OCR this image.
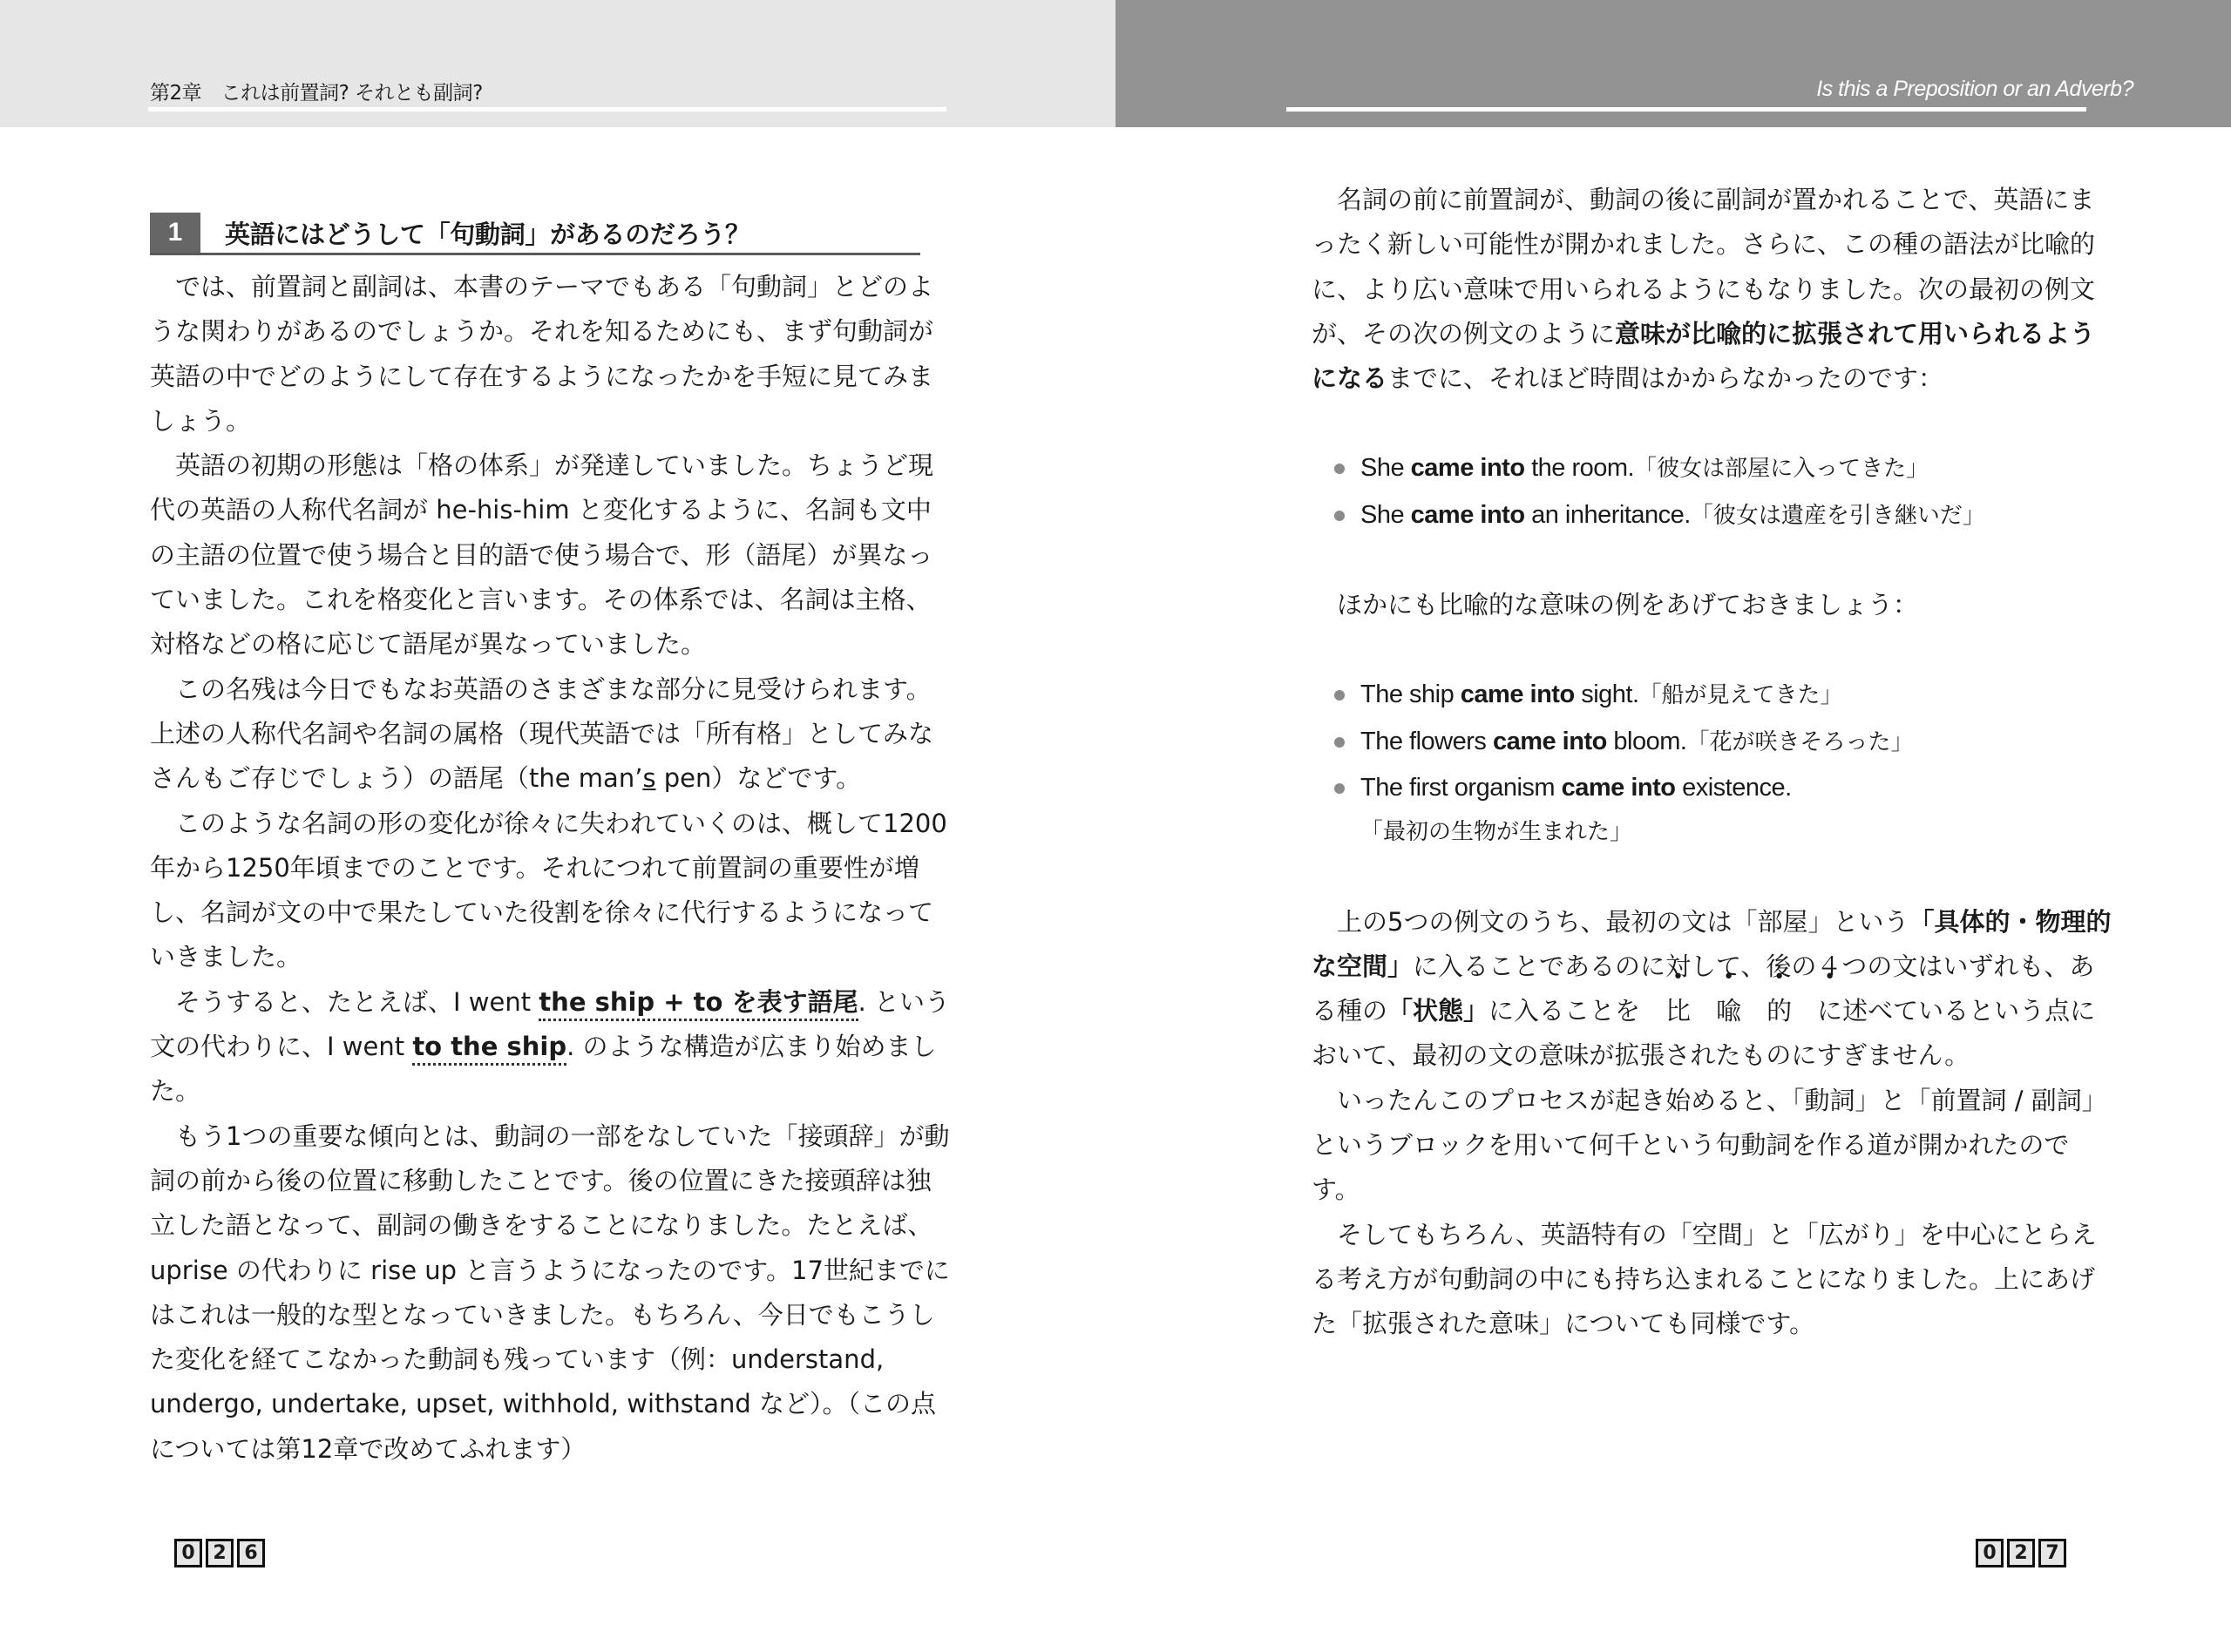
第2章　これは前置詞? それとも副詞?
1	英語にはどうして「句動詞」があるのだろう？

では、前置詞と副詞は、本書のテーマでもある「句動詞」とどのような関わりがあるのでしょうか。それを知るためにも、まず句動詞が英語の中でどのようにして存在するようになったかを手短に見てみましょう。

英語の初期の形態は「格の体系」が発達していました。ちょうど現代の英語の人称代名詞が he-his-him と変化するように、名詞も文中の主語の位置で使う場合と目的語で使う場合で、形（語尾）が異なっていました。これを格変化と言います。その体系では、名詞は主格、対格などの格に応じて語尾が異なっていました。

この名残は今日でもなお英語のさまざまな部分に見受けられます。上述の人称代名詞や名詞の属格（現代英語では「所有格」としてみなさんもご存じでしょう）の語尾（the man’s pen）などです。

このような名詞の形の変化が徐々に失われていくのは、概して1200年から1250年頃までのことです。それにつれて前置詞の重要性が増し、名詞が文の中で果たしていた役割を徐々に代行するようになっていきました。

そうすると、たとえば、I went the ship + to を表す語尾. という文の代わりに、I went to the ship. のような構造が広まり始めました。

もう1つの重要な傾向とは、動詞の一部をなしていた「接頭辞」が動詞の前から後の位置に移動したことです。後の位置にきた接頭辞は独立した語となって、副詞の働きをすることになりました。たとえば、uprise の代わりに rise up と言うようになったのです。17世紀までにはこれは一般的な型となっていきました。もちろん、今日でもこうした変化を経てこなかった動詞も残っています（例：understand, undergo, undertake, upset, withhold, withstand など）。（この点については第12章で改めてふれます）

0 2 6
Is this a Preposition or an Adverb?

名詞の前に前置詞が、動詞の後に副詞が置かれることで、英語にまったく新しい可能性が開かれました。さらに、この種の語法が比喩的に、より広い意味で用いられるようにもなりました。次の最初の例文が、その次の例文のように意味が比喩的に拡張されて用いられるようになるまでに、それほど時間はかからなかったのです：

She came into the room.「彼女は部屋に入ってきた」
She came into an inheritance.「彼女は遺産を引き継いだ」

ほかにも比喩的な意味の例をあげておきましょう：

The ship came into sight.「船が見えてきた」
The flowers came into bloom.「花が咲きそろった」
The first organism came into existence.
「最初の生物が生まれた」

上の5つの例文のうち、最初の文は「部屋」という「具体的・物理的な空間」に入ることであるのに対して、後の４つの文はいずれも、ある種の「状態」に入ることを 比 喩 的 に述べているという点において、最初の文の意味が拡張されたものにすぎません。

いったんこのプロセスが起き始めると、「動詞」と「前置詞 / 副詞」というブロックを用いて何千という句動詞を作る道が開かれたのです。

そしてもちろん、英語特有の「空間」と「広がり」を中心にとらえる考え方が句動詞の中にも持ち込まれることになりました。上にあげた「拡張された意味」についても同様です。

0 2 7
